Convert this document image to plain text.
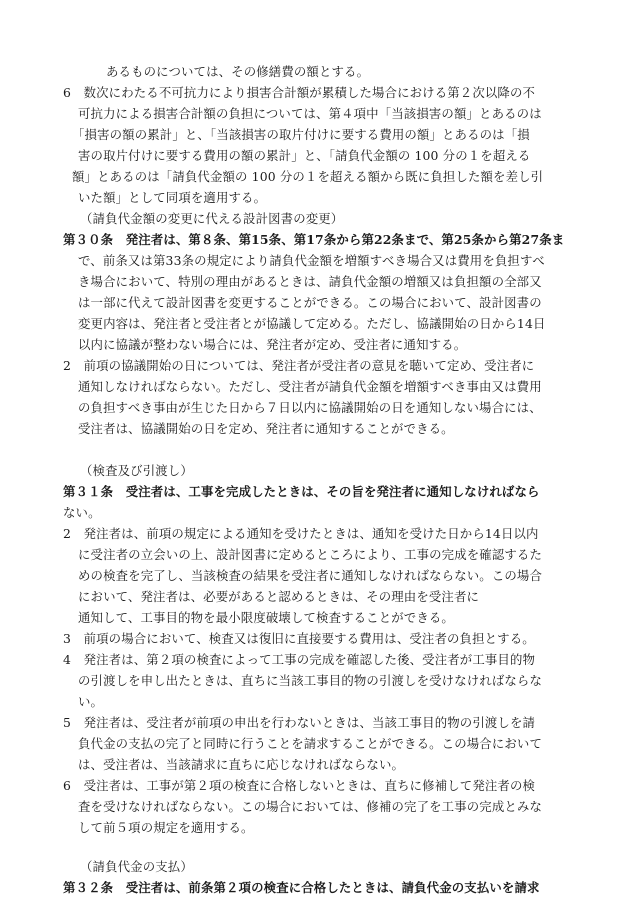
あるものについては、その修繕費の額とする。
6　数次にわたる不可抗力により損害合計額が累積した場合における第２次以降の不
可抗力による損害合計額の負担については、第４項中「当該損害の額」とあるのは
「損害の額の累計」と、「当該損害の取片付けに要する費用の額」とあるのは「損
害の取片付けに要する費用の額の累計」と、「請負代金額の 100 分の１を超える
額」とあるのは「請負代金額の 100 分の１を超える額から既に負担した額を差し引
いた額」として同項を適用する。
（請負代金額の変更に代える設計図書の変更）
第３０条　発注者は、第８条、第15条、第17条から第22条まで、第25条から第27条ま
で、前条又は第33条の規定により請負代金額を増額すべき場合又は費用を負担すべ
き場合において、特別の理由があるときは、請負代金額の増額又は負担額の全部又
は一部に代えて設計図書を変更することができる。この場合において、設計図書の
変更内容は、発注者と受注者とが協議して定める。ただし、協議開始の日から14日
以内に協議が整わない場合には、発注者が定め、受注者に通知する。
2　前項の協議開始の日については、発注者が受注者の意見を聴いて定め、受注者に
通知しなければならない。ただし、受注者が請負代金額を増額すべき事由又は費用
の負担すべき事由が生じた日から７日以内に協議開始の日を通知しない場合には、
受注者は、協議開始の日を定め、発注者に通知することができる。
（検査及び引渡し）
第３１条　受注者は、工事を完成したときは、その旨を発注者に通知しなければなら
ない。
2　発注者は、前項の規定による通知を受けたときは、通知を受けた日から14日以内
に受注者の立会いの上、設計図書に定めるところにより、工事の完成を確認するた
めの検査を完了し、当該検査の結果を受注者に通知しなければならない。この場合
において、発注者は、必要があると認めるときは、その理由を受注者に
通知して、工事目的物を最小限度破壊して検査することができる。
3　前項の場合において、検査又は復旧に直接要する費用は、受注者の負担とする。
4　発注者は、第２項の検査によって工事の完成を確認した後、受注者が工事目的物
の引渡しを申し出たときは、直ちに当該工事目的物の引渡しを受けなければならな
い。
5　発注者は、受注者が前項の申出を行わないときは、当該工事目的物の引渡しを請
負代金の支払の完了と同時に行うことを請求することができる。この場合において
は、受注者は、当該請求に直ちに応じなければならない。
6　受注者は、工事が第２項の検査に合格しないときは、直ちに修補して発注者の検
査を受けなければならない。この場合においては、修補の完了を工事の完成とみな
して前５項の規定を適用する。
（請負代金の支払）
第３２条　受注者は、前条第２項の検査に合格したときは、請負代金の支払いを請求
